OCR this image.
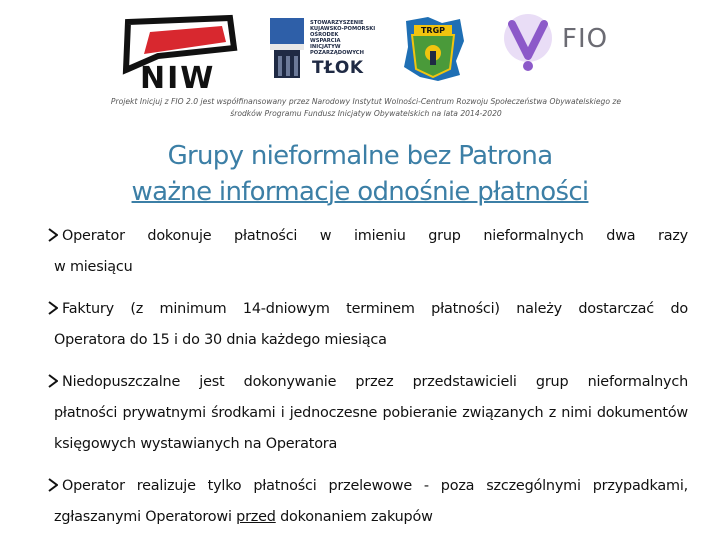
NIW
STOWARZYSZENIE
KUJAWSKO-POMORSKI
OŚRODEK
WSPARCIA
INICJATYW
POZARZĄDOWYCH
TŁOK
TRGP	FIO
Projekt Inicjuj z FIO 2.0 jest współfinansowany przez Narodowy Instytut Wolności-Centrum Rozwoju Społeczeństwa Obywatelskiego ze środków Programu Fundusz Inicjatyw Obywatelskich na lata 2014-2020
Grupy nieformalne bez Patrona
ważne informacje odnośnie płatności
Operator dokonuje płatności w imieniu grup nieformalnych dwa razy
w miesiącu
Faktury (z minimum 14-dniowym terminem płatności) należy dostarczać do
Operatora do 15 i do 30 dnia każdego miesiąca
Niedopuszczalne jest dokonywanie przez przedstawicieli grup nieformalnych
płatności prywatnymi środkami i jednoczesne pobieranie związanych z nimi dokumentów księgowych wystawianych na Operatora
Operator realizuje tylko płatności przelewowe - poza szczególnymi przypadkami,
zgłaszanymi Operatorowi przed dokonaniem zakupów
